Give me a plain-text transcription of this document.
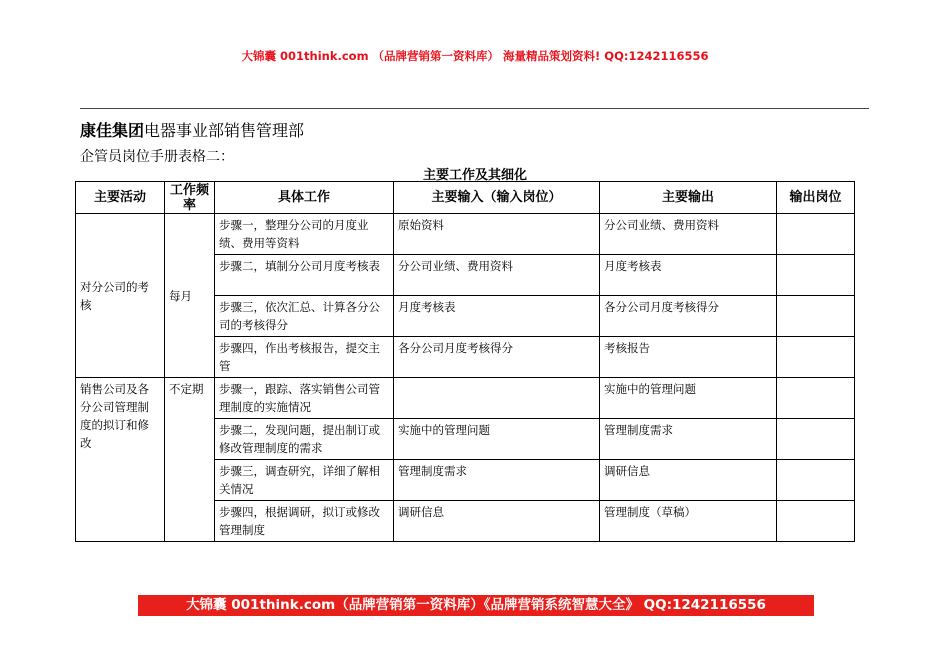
大锦囊 001think.com （品牌营销第一资料库） 海量精品策划资料! QQ:1242116556
康佳集团电器事业部销售管理部
企管员岗位手册表格二：
主要工作及其细化
主要活动	工作频率	具体工作	主要输入（输入岗位）	主要输出	输出岗位
对分公司的考核	每月	步骤一，整理分公司的月度业绩、费用等资料	原始资料	分公司业绩、费用资料	
		步骤二，填制分公司月度考核表	分公司业绩、费用资料	月度考核表	
		步骤三，依次汇总、计算各分公司的考核得分	月度考核表	各分公司月度考核得分	
		步骤四，作出考核报告，提交主管	各分公司月度考核得分	考核报告	
销售公司及各分公司管理制度的拟订和修改	不定期	步骤一，跟踪、落实销售公司管理制度的实施情况		实施中的管理问题	
		步骤二，发现问题，提出制订或修改管理制度的需求	实施中的管理问题	管理制度需求	
		步骤三，调查研究，详细了解相关情况	管理制度需求	调研信息	
		步骤四，根据调研，拟订或修改管理制度	调研信息	管理制度（草稿）	
大锦囊 001think.com（品牌营销第一资料库）《品牌营销系统智慧大全》 QQ:1242116556
